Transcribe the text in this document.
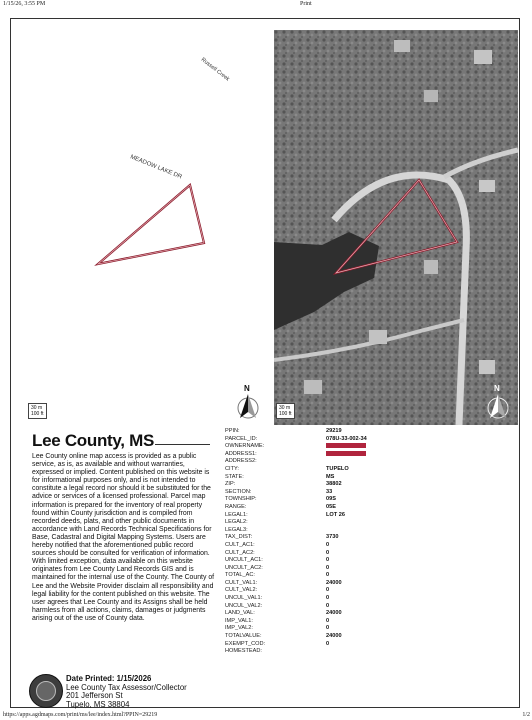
1/15/26, 3:55 PM	Print
MEADOW LAKE DR
Russell Creek
30 m
100 ft
N
30 m
100 ft
N
Lee County, MS
Lee County online map access is provided as a public service, as is, as available and without warranties, expressed or implied. Content published on this website is for informational purposes only, and is not intended to constitute a legal record nor should it be substituted for the advice or services of a licensed professional. Parcel map information is prepared for the inventory of real property found within County jurisdiction and is compiled from recorded deeds, plats, and other public documents in accordance with Land Records Technical Specifications for Base, Cadastral and Digital Mapping Systems. Users are hereby notified that the aforementioned public record sources should be consulted for verification of information. With limited exception, data available on this website originates from Lee County Land Records GIS and is maintained for the internal use of the County. The County of Lee and the Website Provider disclaim all responsibility and legal liability for the content published on this website. The user agrees that Lee County and its Assigns shall be held harmless from all actions, claims, damages or judgments arising out of the use of County data.
Date Printed: 1/15/2026
Lee County Tax Assessor/Collector
201 Jefferson St
Tupelo, MS 38804
PPIN:	29219
PARCEL_ID:	078U-33-002-34
OWNERNAME:
ADDRESS1:
ADDRESS2:
CITY:	TUPELO
STATE:	MS
ZIP:	38802
SECTION:	33
TOWNSHIP:	09S
RANGE:	05E
LEGAL1:	LOT 26
LEGAL2:
LEGAL3:
TAX_DIST:	3730
CULT_AC1:	0
CULT_AC2:	0
UNCULT_AC1:	0
UNCULT_AC2:	0
TOTAL_AC:	0
CULT_VAL1:	24000
CULT_VAL2:	0
UNCUL_VAL1:	0
UNCUL_VAL2:	0
LAND_VAL:	24000
IMP_VAL1:	0
IMP_VAL2:	0
TOTALVALUE:	24000
EXEMPT_COD:	0
HOMESTEAD:
https://apps.agdmaps.com/print/ms/lee/index.html?PPIN=29219	1/2
